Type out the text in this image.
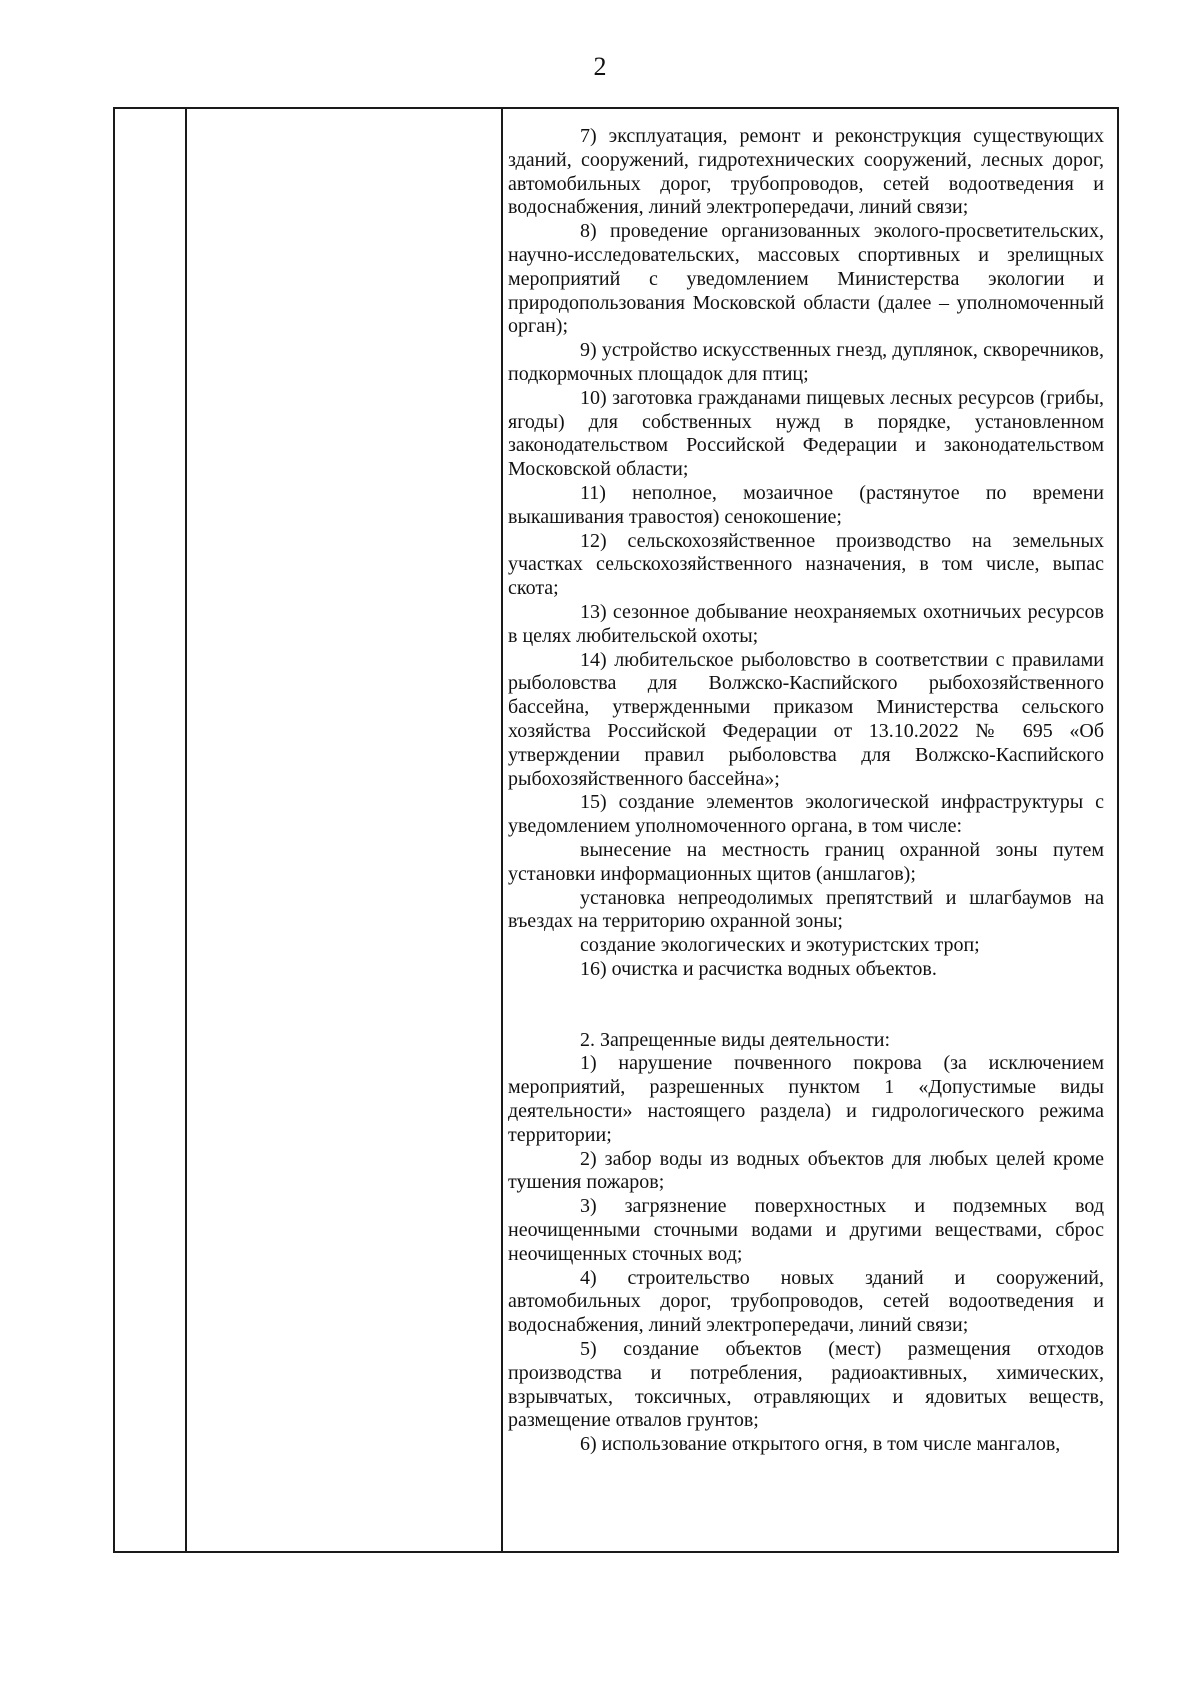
2

7) эксплуатация, ремонт и реконструкция существующих зданий, сооружений, гидротехнических сооружений, лесных дорог, автомобильных дорог, трубопроводов, сетей водоотведения и водоснабжения, линий электропередачи, линий связи;

8) проведение организованных эколого-просветительских, научно-исследовательских, массовых спортивных и зрелищных мероприятий с уведомлением Министерства экологии и природопользования Московской области (далее – уполномоченный орган);

9) устройство искусственных гнезд, дуплянок, скворечников, подкормочных площадок для птиц;

10) заготовка гражданами пищевых лесных ресурсов (грибы, ягоды) для собственных нужд в порядке, установленном законодательством Российской Федерации и законодательством Московской области;

11) неполное, мозаичное (растянутое по времени выкашивания травостоя) сенокошение;

12) сельскохозяйственное производство на земельных участках сельскохозяйственного назначения, в том числе, выпас скота;

13) сезонное добывание неохраняемых охотничьих ресурсов в целях любительской охоты;

14) любительское рыболовство в соответствии с правилами рыболовства для Волжско-Каспийского рыбохозяйственного бассейна, утвержденными приказом Министерства сельского хозяйства Российской Федерации от 13.10.2022 № 695 «Об утверждении правил рыболовства для Волжско-Каспийского рыбохозяйственного бассейна»;

15) создание элементов экологической инфраструктуры с уведомлением уполномоченного органа, в том числе:

вынесение на местность границ охранной зоны путем установки информационных щитов (аншлагов);

установка непреодолимых препятствий и шлагбаумов на въездах на территорию охранной зоны;

создание экологических и экотуристских троп;

16) очистка и расчистка водных объектов.

2. Запрещенные виды деятельности:

1) нарушение почвенного покрова (за исключением мероприятий, разрешенных пунктом 1 «Допустимые виды деятельности» настоящего раздела) и гидрологического режима территории;

2) забор воды из водных объектов для любых целей кроме тушения пожаров;

3) загрязнение поверхностных и подземных вод неочищенными сточными водами и другими веществами, сброс неочищенных сточных вод;

4) строительство новых зданий и сооружений, автомобильных дорог, трубопроводов, сетей водоотведения и водоснабжения, линий электропередачи, линий связи;

5) создание объектов (мест) размещения отходов производства и потребления, радиоактивных, химических, взрывчатых, токсичных, отравляющих и ядовитых веществ, размещение отвалов грунтов;

6) использование открытого огня, в том числе мангалов,
